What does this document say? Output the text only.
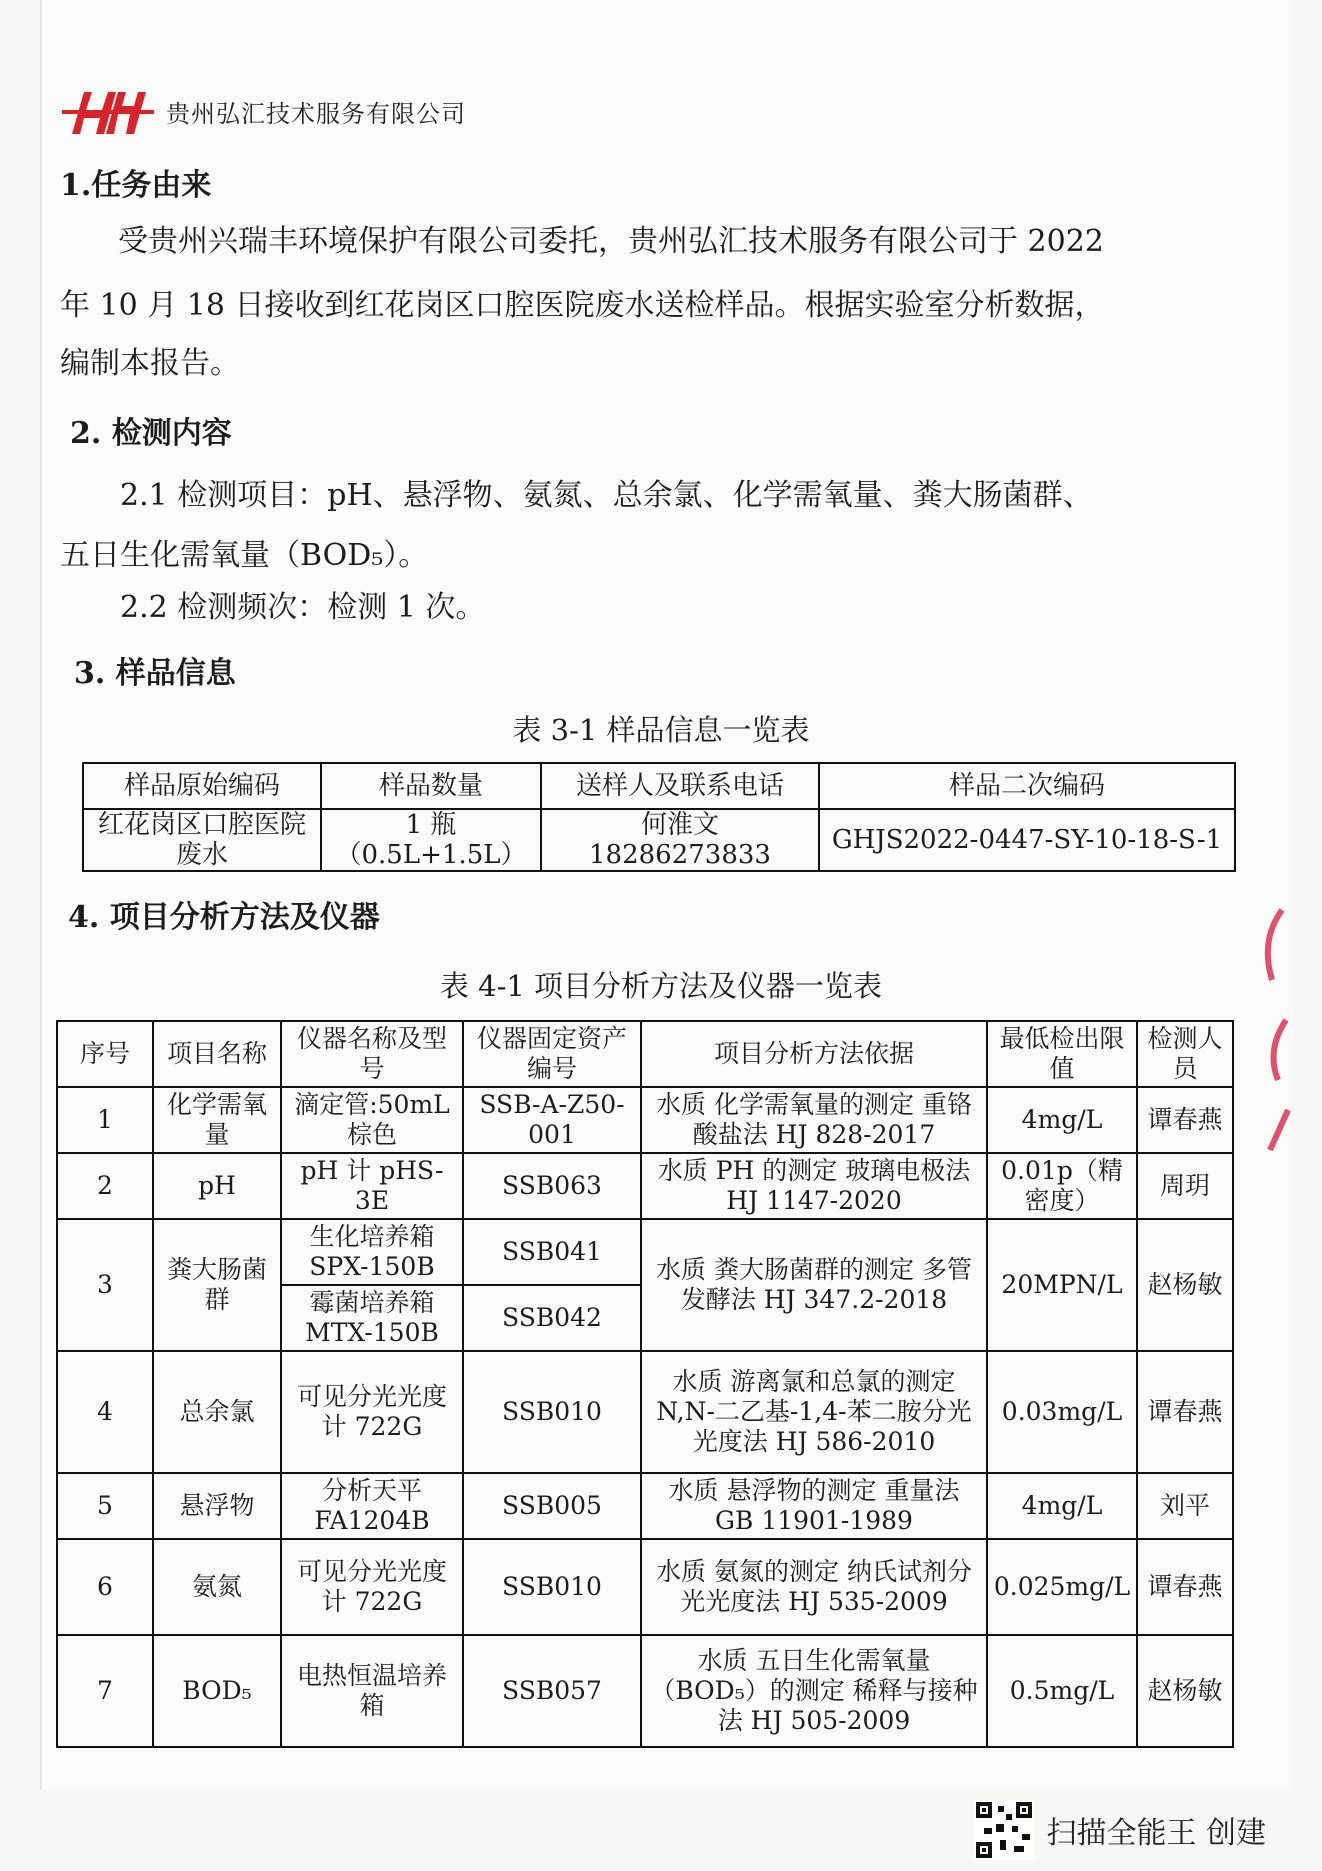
贵州弘汇技术服务有限公司
1.任务由来
受贵州兴瑞丰环境保护有限公司委托，贵州弘汇技术服务有限公司于 2022
年 10 月 18 日接收到红花岗区口腔医院废水送检样品。根据实验室分析数据，
编制本报告。
2. 检测内容
2.1 检测项目：pH、悬浮物、氨氮、总余氯、化学需氧量、粪大肠菌群、
五日生化需氧量（BOD₅）。
2.2 检测频次：检测 1 次。
3. 样品信息
表 3-1 样品信息一览表
样品原始编码	样品数量	送样人及联系电话	样品二次编码
红花岗区口腔医院废水	1 瓶（0.5L+1.5L）	何淮文 18286273833	GHJS2022-0447-SY-10-18-S-1
4. 项目分析方法及仪器
表 4-1 项目分析方法及仪器一览表
序号	项目名称	仪器名称及型号	仪器固定资产编号	项目分析方法依据	最低检出限值	检测人员
1	化学需氧量	滴定管:50mL 棕色	SSB-A-Z50-001	水质 化学需氧量的测定 重铬酸盐法 HJ 828-2017	4mg/L	谭春燕
2	pH	pH 计 pHS-3E	SSB063	水质 PH 的测定 玻璃电极法 HJ 1147-2020	0.01p（精密度）	周玥
3	粪大肠菌群	生化培养箱 SPX-150B	SSB041	水质 粪大肠菌群的测定 多管发酵法 HJ 347.2-2018	20MPN/L	赵杨敏
		霉菌培养箱 MTX-150B	SSB042			
4	总余氯	可见分光光度计 722G	SSB010	水质 游离氯和总氯的测定 N,N-二乙基-1,4-苯二胺分光光度法 HJ 586-2010	0.03mg/L	谭春燕
5	悬浮物	分析天平 FA1204B	SSB005	水质 悬浮物的测定 重量法 GB 11901-1989	4mg/L	刘平
6	氨氮	可见分光光度计 722G	SSB010	水质 氨氮的测定 纳氏试剂分光光度法 HJ 535-2009	0.025mg/L	谭春燕
7	BOD₅	电热恒温培养箱	SSB057	水质 五日生化需氧量（BOD₅）的测定 稀释与接种法 HJ 505-2009	0.5mg/L	赵杨敏
扫描全能王 创建
